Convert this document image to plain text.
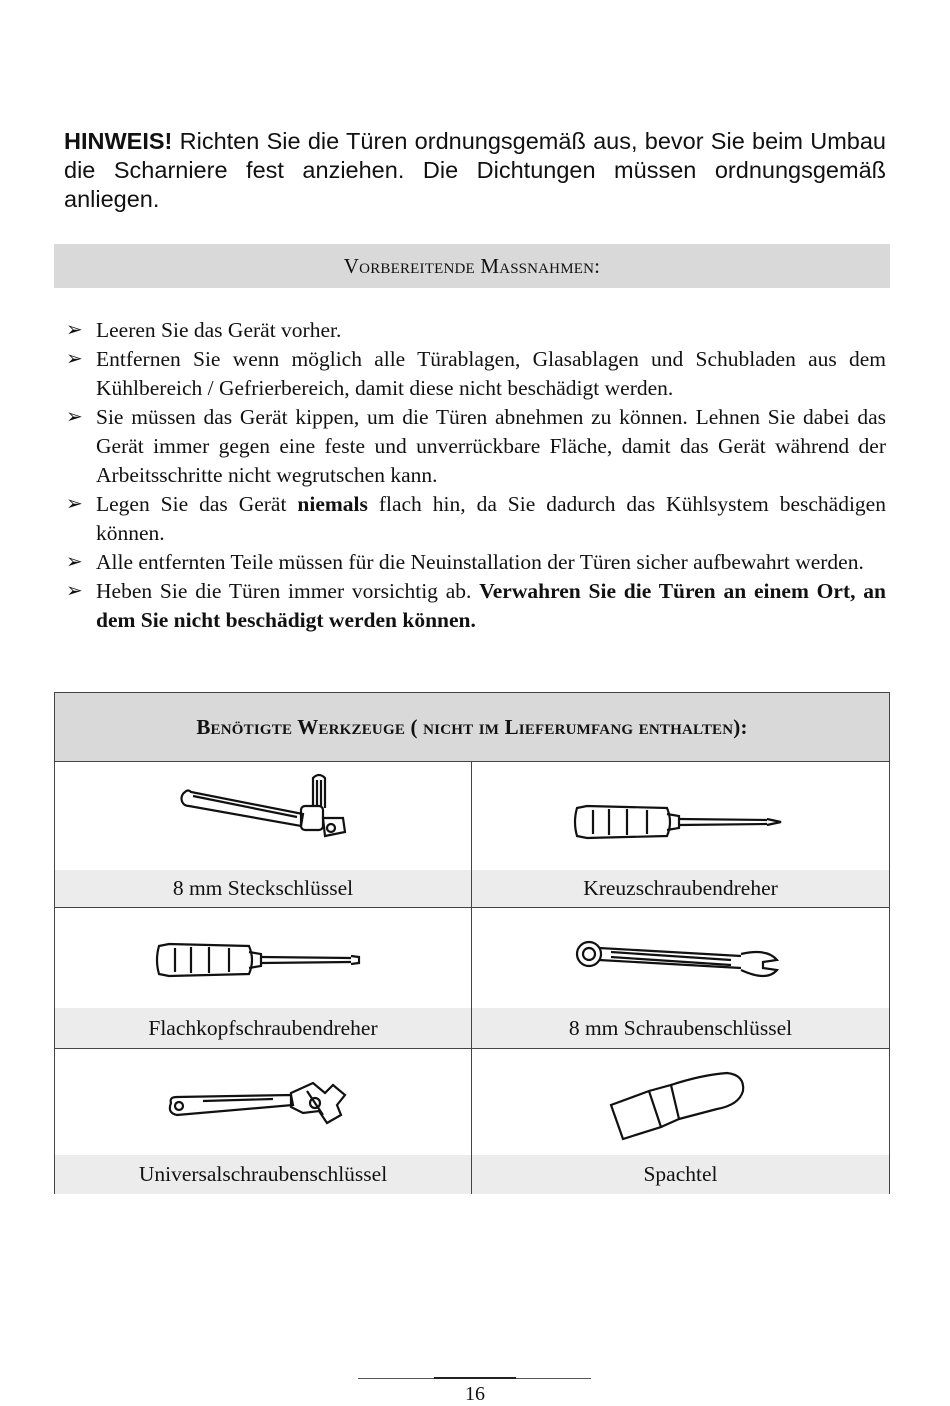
HINWEIS! Richten Sie die Türen ordnungsgemäß aus, bevor Sie beim Umbau die Scharniere fest anziehen. Die Dichtungen müssen ordnungsgemäß anliegen.
Vorbereitende Maßnahmen:
➢ Leeren Sie das Gerät vorher.
➢ Entfernen Sie wenn möglich alle Türablagen, Glasablagen und Schubladen aus dem Kühlbereich / Gefrierbereich, damit diese nicht beschädigt werden.
➢ Sie müssen das Gerät kippen, um die Türen abnehmen zu können. Lehnen Sie dabei das Gerät immer gegen eine feste und unverrückbare Fläche, damit das Gerät während der Arbeitsschritte nicht wegrutschen kann.
➢ Legen Sie das Gerät niemals flach hin, da Sie dadurch das Kühlsystem beschädigen können.
➢ Alle entfernten Teile müssen für die Neuinstallation der Türen sicher aufbewahrt werden.
➢ Heben Sie die Türen immer vorsichtig ab. Verwahren Sie die Türen an einem Ort, an dem Sie nicht beschädigt werden können.
Benötigte Werkzeuge ( nicht im Lieferumfang enthalten):
8 mm Steckschlüssel	Kreuzschraubendreher
Flachkopfschraubendreher	8 mm Schraubenschlüssel
Universalschraubenschlüssel	Spachtel
16
